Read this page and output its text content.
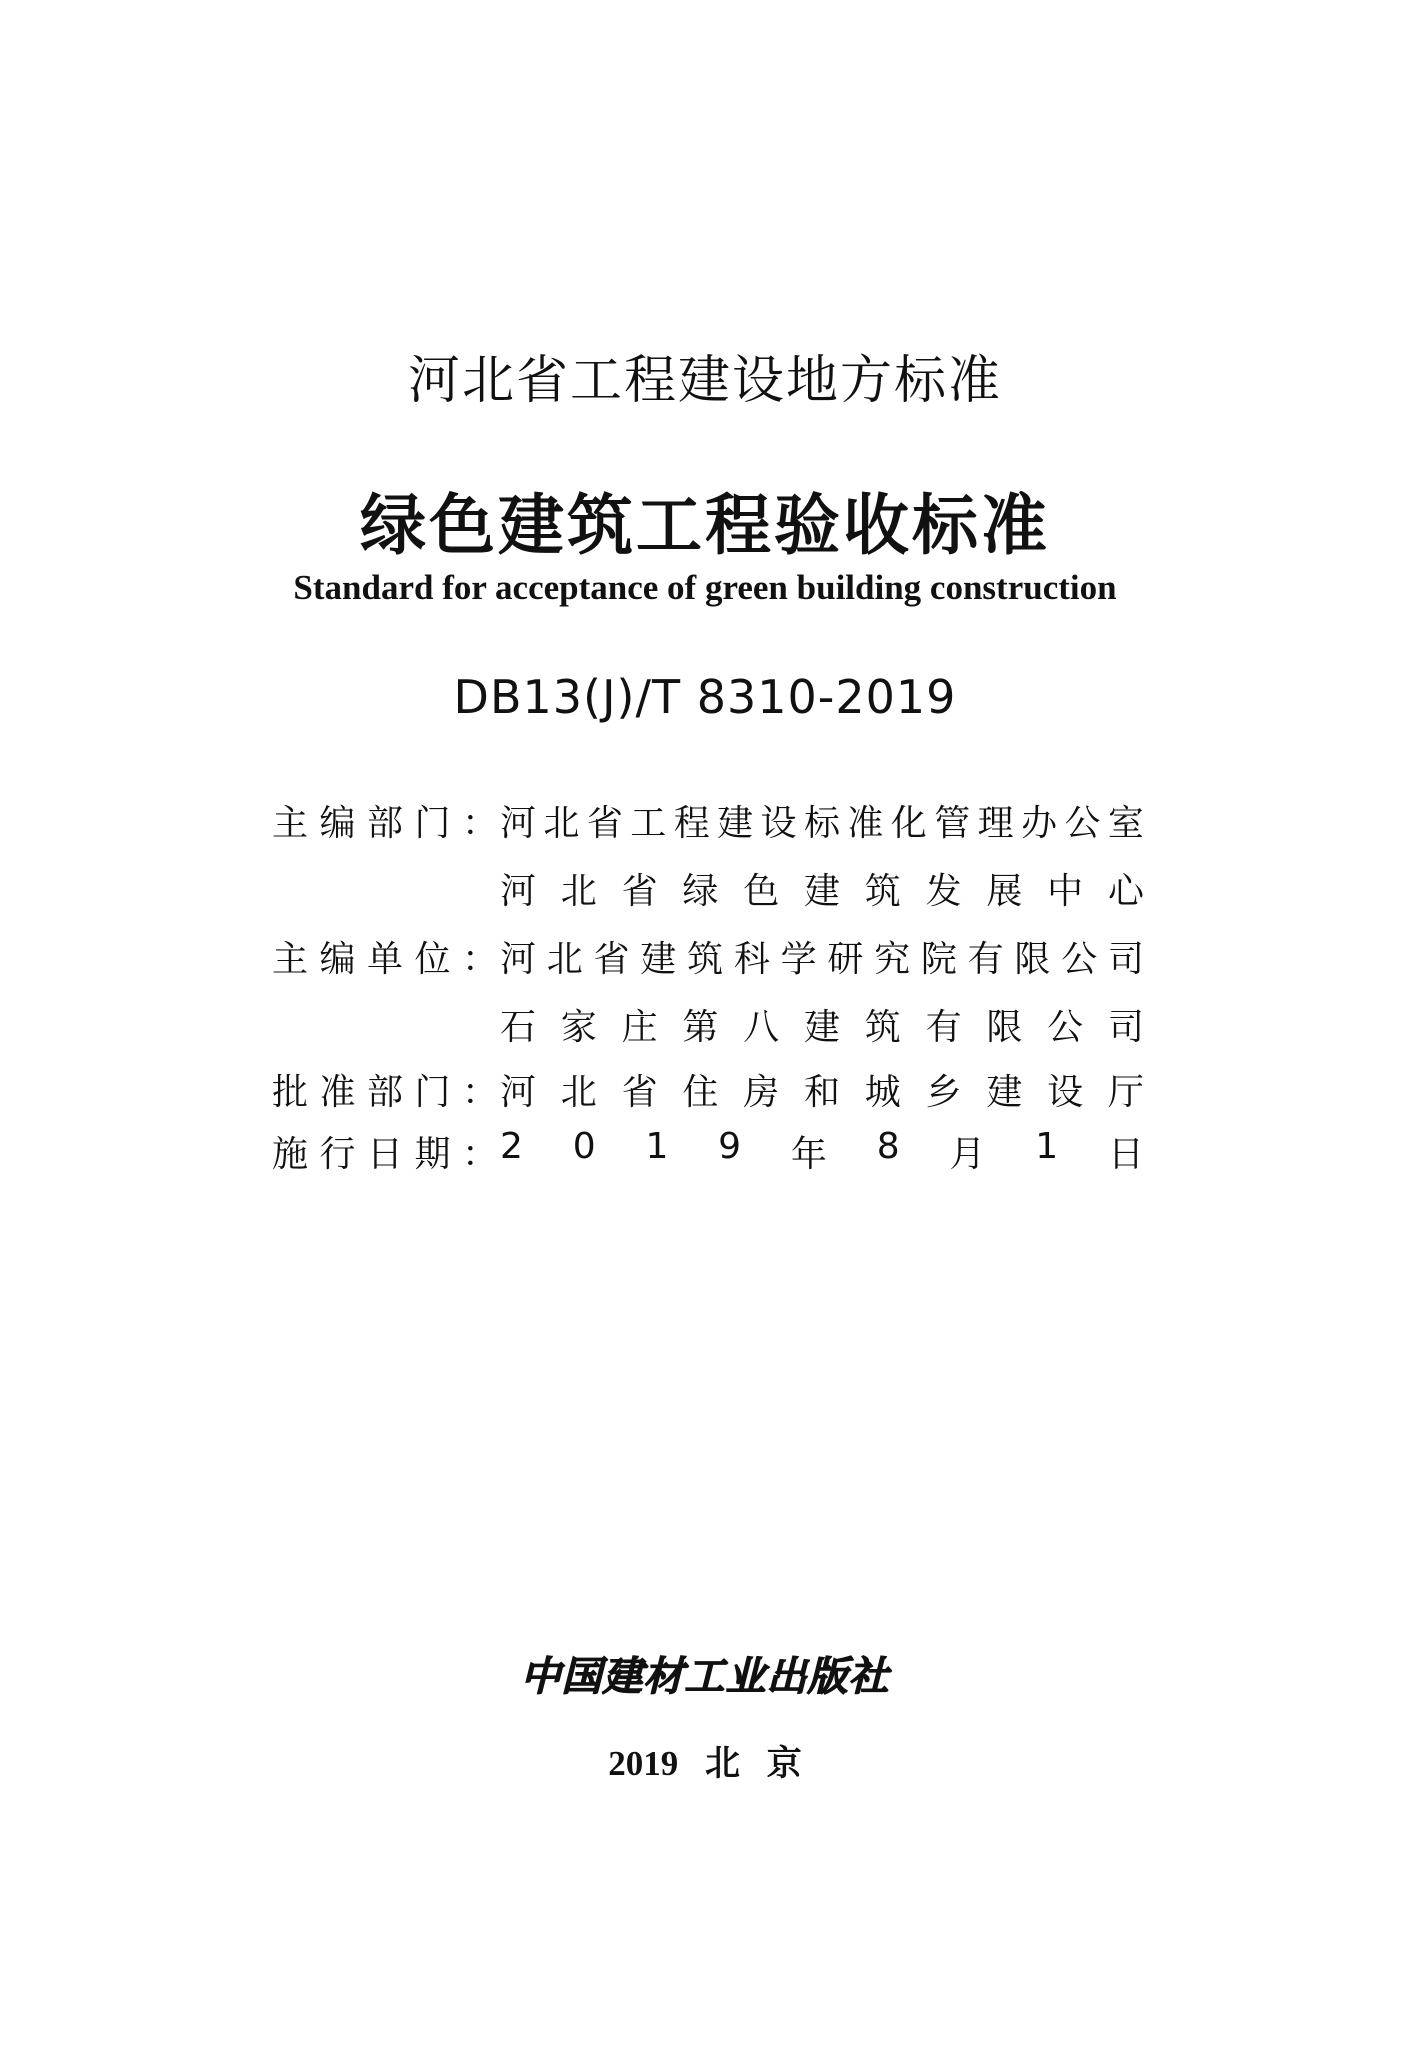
河北省工程建设地方标准
绿色建筑工程验收标准
Standard for acceptance of green building construction
DB13(J)/T 8310-2019
主 编 部 门 ： 河 北 省 工 程 建 设 标 准 化 管 理 办 公 室
河 北 省 绿 色 建 筑 发 展 中 心
主 编 单 位 ： 河 北 省 建 筑 科 学 研 究 院 有 限 公 司
石 家 庄 第 八 建 筑 有 限 公 司
批 准 部 门 ： 河 北 省 住 房 和 城 乡 建 设 厅
施 行 日 期 ： 2 0 1 9 年 8 月 1 日
中国建材工业出版社
2019 北 京
